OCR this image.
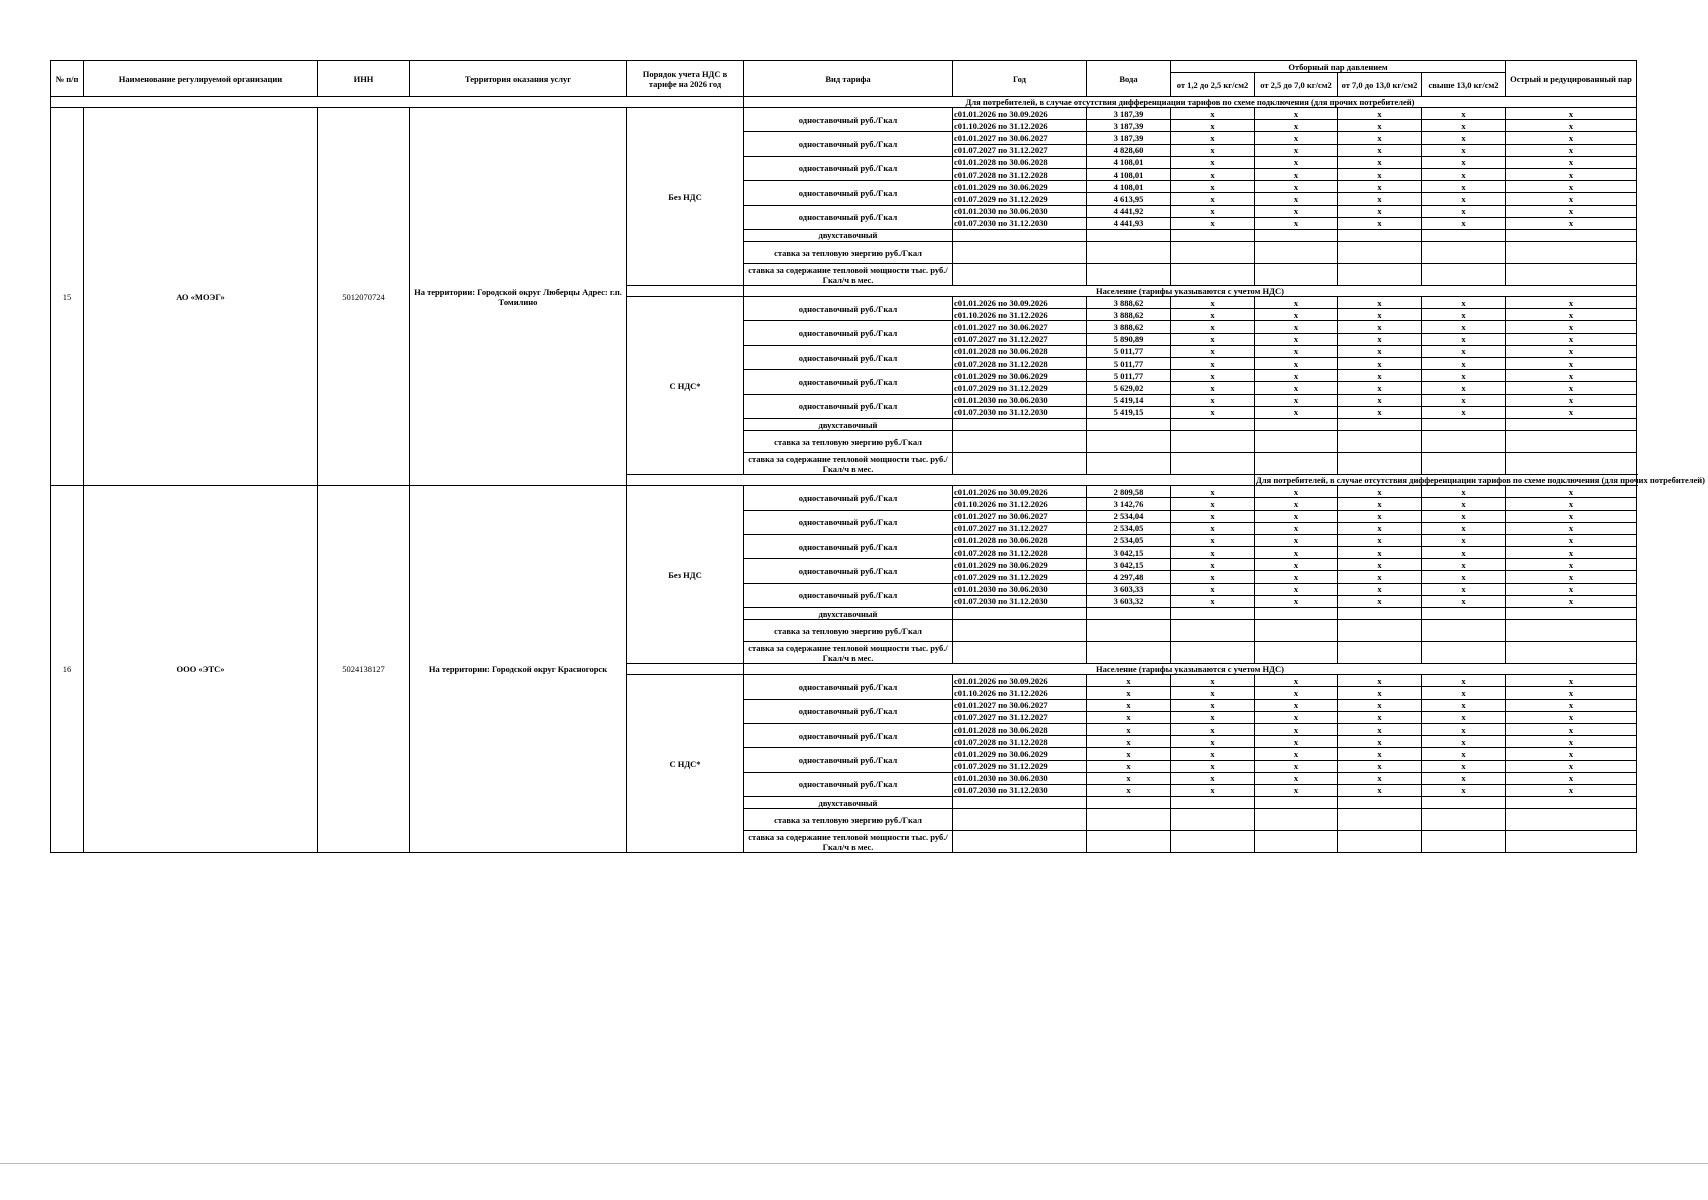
№ п/п	Наименование регулируемой организации	ИНН	Территория оказания услуг	Порядок учета НДС в тарифе на 2026 год	Вид тарифа	Год	Вода	Отборный пар давлением				Острый и редуцированный пар
								от 1,2 до 2,5 кг/см2	от 2,5 до 7,0 кг/см2	от 7,0 до 13,0 кг/см2	свыше 13,0 кг/см2	
					Для потребителей, в случае отсутствия дифференциации тарифов по схеме подключения (для прочих потребителей)							
15	АО «МОЭГ»	5012070724	На территории: Городской округ Люберцы Адрес: г.п. Томилино	Без НДС	одноставочный руб./Гкал	с01.01.2026 по 30.09.2026	3 187,39	x	x	x	x	x
						с01.10.2026 по 31.12.2026	3 187,39	x	x	x	x	x
					одноставочный руб./Гкал	с01.01.2027 по 30.06.2027	3 187,39	x	x	x	x	x
						с01.07.2027 по 31.12.2027	4 828,60	x	x	x	x	x
					одноставочный руб./Гкал	с01.01.2028 по 30.06.2028	4 108,01	x	x	x	x	x
						с01.07.2028 по 31.12.2028	4 108,01	x	x	x	x	x
					одноставочный руб./Гкал	с01.01.2029 по 30.06.2029	4 108,01	x	x	x	x	x
						с01.07.2029 по 31.12.2029	4 613,95	x	x	x	x	x
					одноставочный руб./Гкал	с01.01.2030 по 30.06.2030	4 441,92	x	x	x	x	x
						с01.07.2030 по 31.12.2030	4 441,93	x	x	x	x	x
					двухставочный							
					ставка за тепловую энергию руб./Гкал							
					ставка за содержание тепловой мощности тыс. руб./Гкал/ч в мес.							
					Население (тарифы указываются с учетом НДС)							
				С НДС*	одноставочный руб./Гкал	с01.01.2026 по 30.09.2026	3 888,62	x	x	x	x	x
						с01.10.2026 по 31.12.2026	3 888,62	x	x	x	x	x
					одноставочный руб./Гкал	с01.01.2027 по 30.06.2027	3 888,62	x	x	x	x	x
						с01.07.2027 по 31.12.2027	5 890,89	x	x	x	x	x
					одноставочный руб./Гкал	с01.01.2028 по 30.06.2028	5 011,77	x	x	x	x	x
						с01.07.2028 по 31.12.2028	5 011,77	x	x	x	x	x
					одноставочный руб./Гкал	с01.01.2029 по 30.06.2029	5 011,77	x	x	x	x	x
						с01.07.2029 по 31.12.2029	5 629,02	x	x	x	x	x
					одноставочный руб./Гкал	с01.01.2030 по 30.06.2030	5 419,14	x	x	x	x	x
						с01.07.2030 по 31.12.2030	5 419,15	x	x	x	x	x
					двухставочный							
					ставка за тепловую энергию руб./Гкал							
					ставка за содержание тепловой мощности тыс. руб./Гкал/ч в мес.							
									Для потребителей, в случае отсутствия дифференциации тарифов по схеме подключения (для прочих потребителей)			
16	ООО «ЭТС»	5024138127	На территории: Городской округ Красногорск	Без НДС	одноставочный руб./Гкал	с01.01.2026 по 30.09.2026	2 809,58	x	x	x	x	x
						с01.10.2026 по 31.12.2026	3 142,76	x	x	x	x	x
					одноставочный руб./Гкал	с01.01.2027 по 30.06.2027	2 534,04	x	x	x	x	x
						с01.07.2027 по 31.12.2027	2 534,05	x	x	x	x	x
					одноставочный руб./Гкал	с01.01.2028 по 30.06.2028	2 534,05	x	x	x	x	x
						с01.07.2028 по 31.12.2028	3 042,15	x	x	x	x	x
					одноставочный руб./Гкал	с01.01.2029 по 30.06.2029	3 042,15	x	x	x	x	x
						с01.07.2029 по 31.12.2029	4 297,48	x	x	x	x	x
					одноставочный руб./Гкал	с01.01.2030 по 30.06.2030	3 603,33	x	x	x	x	x
						с01.07.2030 по 31.12.2030	3 603,32	x	x	x	x	x
					двухставочный							
					ставка за тепловую энергию руб./Гкал							
					ставка за содержание тепловой мощности тыс. руб./Гкал/ч в мес.							
					Население (тарифы указываются с учетом НДС)							
				С НДС*	одноставочный руб./Гкал	с01.01.2026 по 30.09.2026	x	x	x	x	x	x
						с01.10.2026 по 31.12.2026	x	x	x	x	x	x
					одноставочный руб./Гкал	с01.01.2027 по 30.06.2027	x	x	x	x	x	x
						с01.07.2027 по 31.12.2027	x	x	x	x	x	x
					одноставочный руб./Гкал	с01.01.2028 по 30.06.2028	x	x	x	x	x	x
						с01.07.2028 по 31.12.2028	x	x	x	x	x	x
					одноставочный руб./Гкал	с01.01.2029 по 30.06.2029	x	x	x	x	x	x
						с01.07.2029 по 31.12.2029	x	x	x	x	x	x
					одноставочный руб./Гкал	с01.01.2030 по 30.06.2030	x	x	x	x	x	x
						с01.07.2030 по 31.12.2030	x	x	x	x	x	x
					двухставочный							
					ставка за тепловую энергию руб./Гкал							
					ставка за содержание тепловой мощности тыс. руб./Гкал/ч в мес.							
